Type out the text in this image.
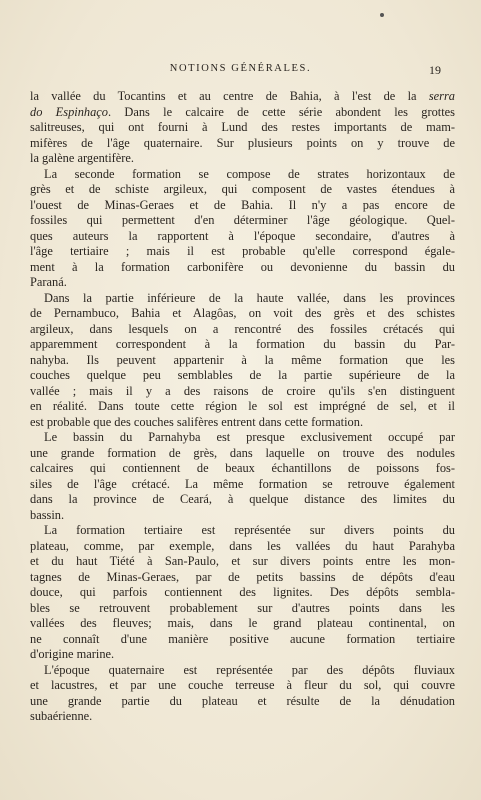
NOTIONS GÉNÉRALES.	19
la vallée du Tocantins et au centre de Bahia, à l'est de la serra
do Espinhaço. Dans le calcaire de cette série abondent les grottes
salitreuses, qui ont fourni à Lund des restes importants de mam-
mifères de l'âge quaternaire. Sur plusieurs points on y trouve de
la galène argentifère.
La seconde formation se compose de strates horizontaux de
grès et de schiste argileux, qui composent de vastes étendues à
l'ouest de Minas-Geraes et de Bahia. Il n'y a pas encore de
fossiles qui permettent d'en déterminer l'âge géologique. Quel-
ques auteurs la rapportent à l'époque secondaire, d'autres à
l'âge tertiaire ; mais il est probable qu'elle correspond égale-
ment à la formation carbonifère ou devonienne du bassin du
Paraná.
Dans la partie inférieure de la haute vallée, dans les provinces
de Pernambuco, Bahia et Alagôas, on voit des grès et des schistes
argileux, dans lesquels on a rencontré des fossiles crétacés qui
apparemment correspondent à la formation du bassin du Par-
nahyba. Ils peuvent appartenir à la même formation que les
couches quelque peu semblables de la partie supérieure de la
vallée ; mais il y a des raisons de croire qu'ils s'en distinguent
en réalité. Dans toute cette région le sol est imprégné de sel, et il
est probable que des couches salifères entrent dans cette formation.
Le bassin du Parnahyba est presque exclusivement occupé par
une grande formation de grès, dans laquelle on trouve des nodules
calcaires qui contiennent de beaux échantillons de poissons fos-
siles de l'âge crétacé. La même formation se retrouve également
dans la province de Ceará, à quelque distance des limites du
bassin.
La formation tertiaire est représentée sur divers points du
plateau, comme, par exemple, dans les vallées du haut Parahyba
et du haut Tiété à San-Paulo, et sur divers points entre les mon-
tagnes de Minas-Geraes, par de petits bassins de dépôts d'eau
douce, qui parfois contiennent des lignites. Des dépôts sembla-
bles se retrouvent probablement sur d'autres points dans les
vallées des fleuves; mais, dans le grand plateau continental, on
ne connaît d'une manière positive aucune formation tertiaire
d'origine marine.
L'époque quaternaire est représentée par des dépôts fluviaux
et lacustres, et par une couche terreuse à fleur du sol, qui couvre
une grande partie du plateau et résulte de la dénudation
subaérienne.
